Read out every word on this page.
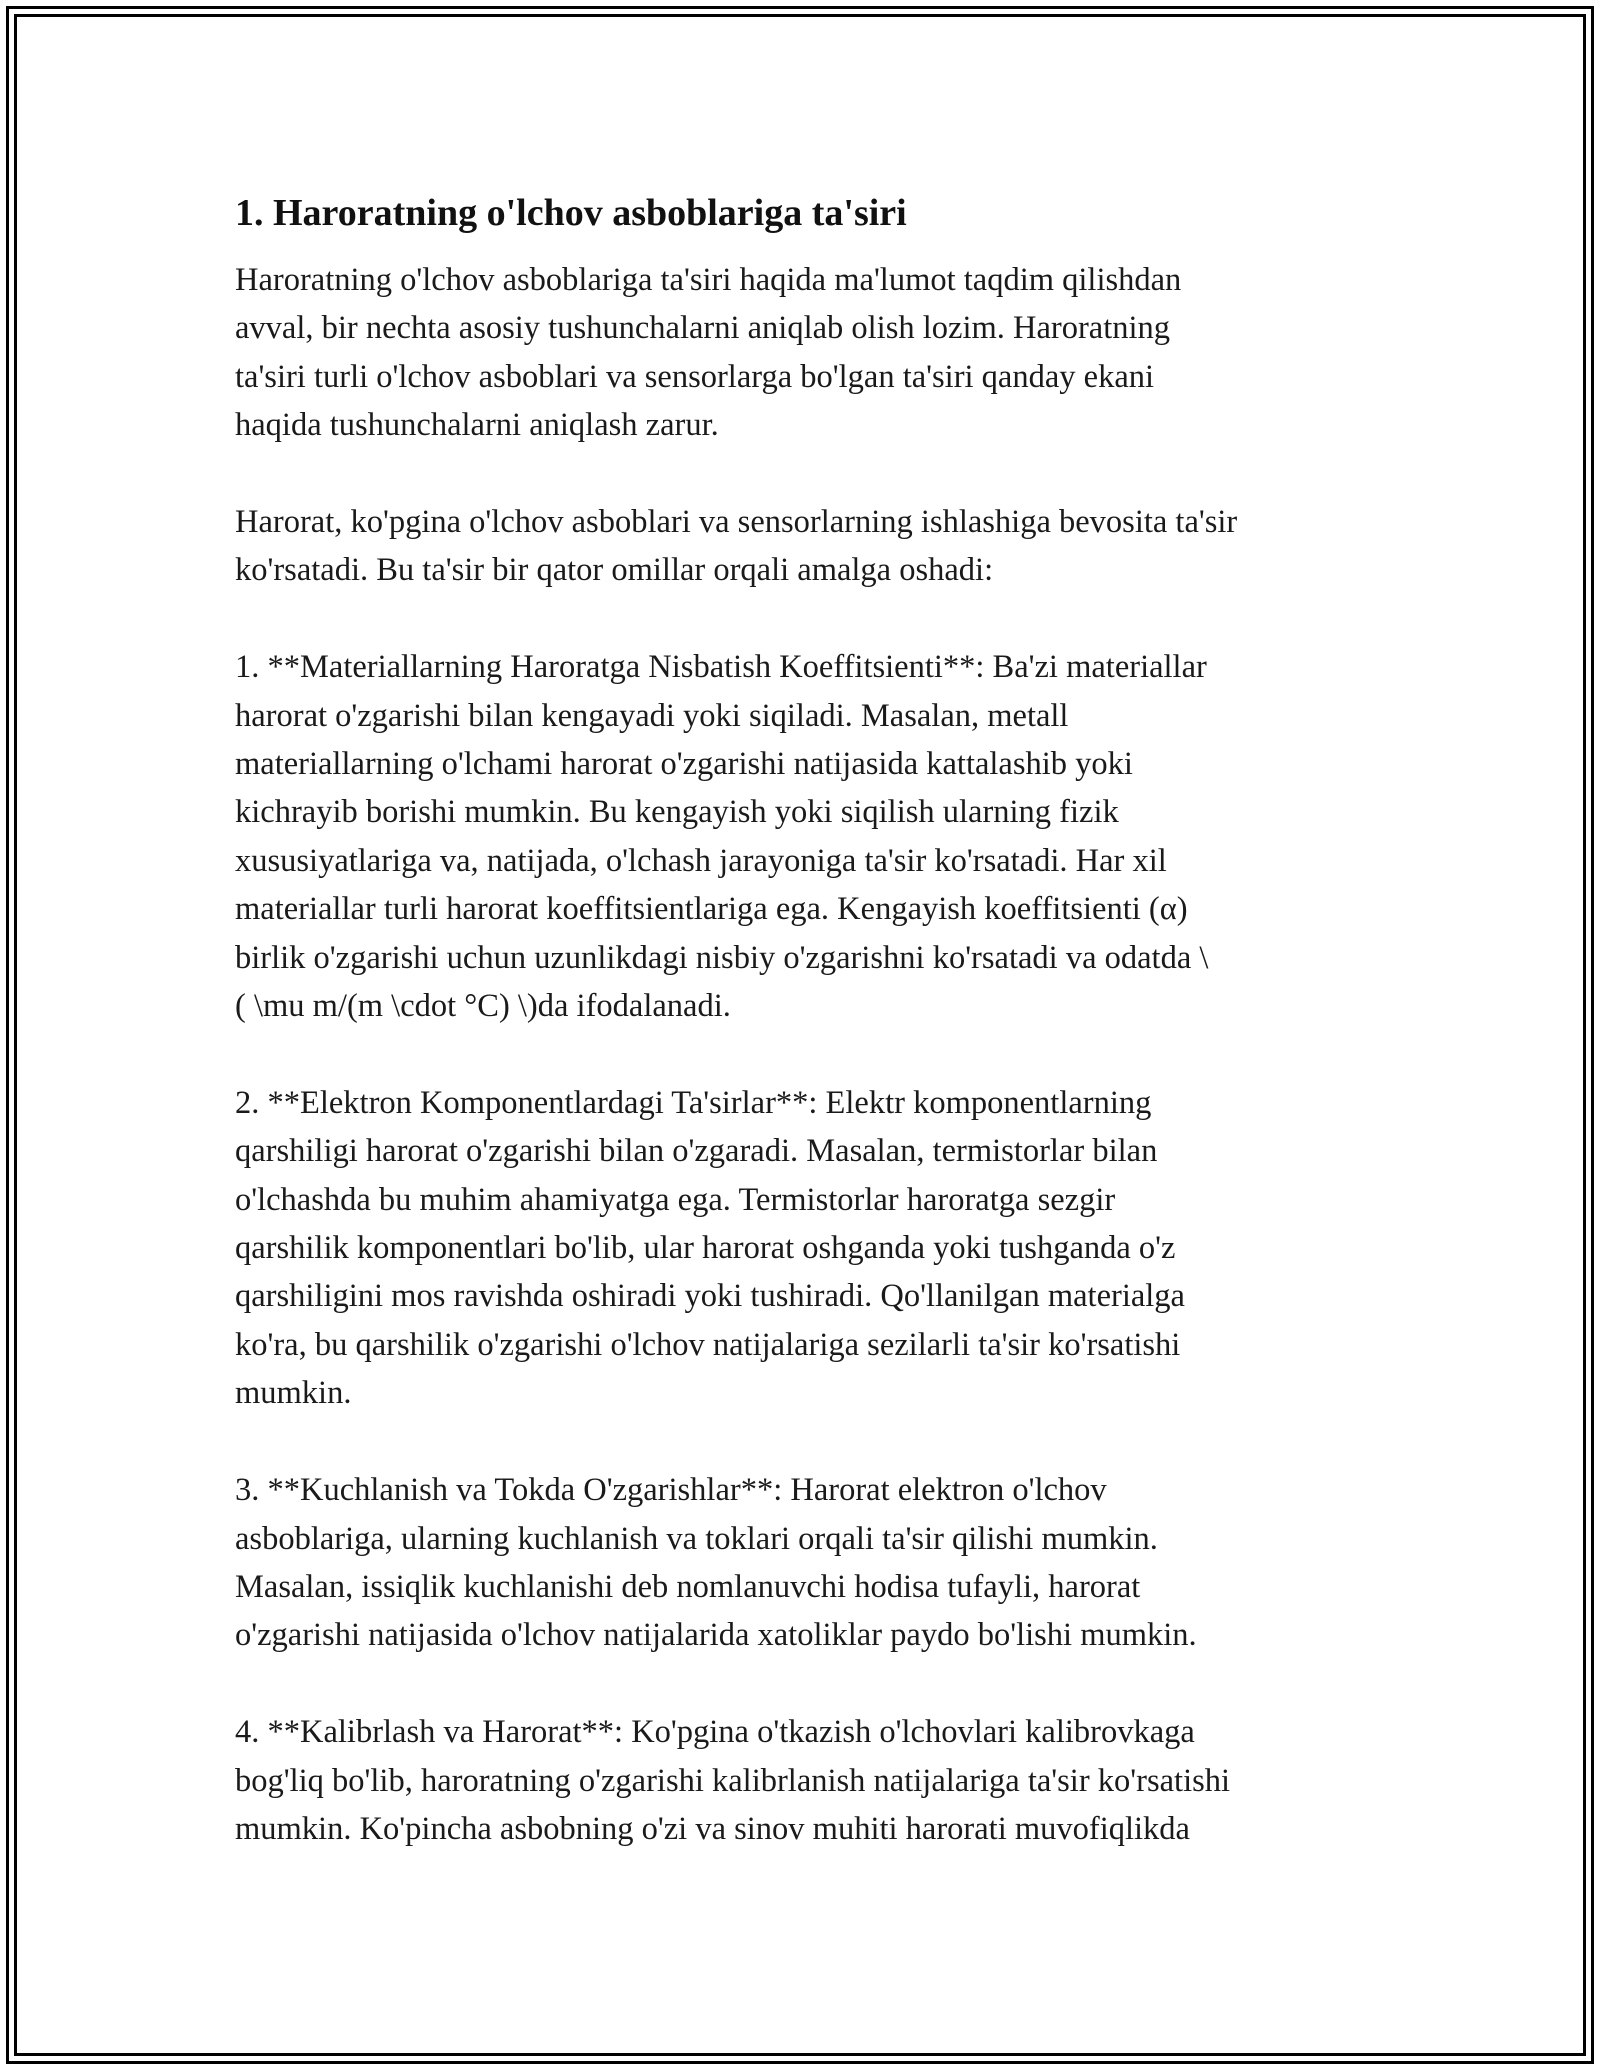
1. Haroratning o'lchov asboblariga ta'siri

Haroratning o'lchov asboblariga ta'siri haqida ma'lumot taqdim qilishdan
avval, bir nechta asosiy tushunchalarni aniqlab olish lozim. Haroratning
ta'siri turli o'lchov asboblari va sensorlarga bo'lgan ta'siri qanday ekani
haqida tushunchalarni aniqlash zarur.

Harorat, ko'pgina o'lchov asboblari va sensorlarning ishlashiga bevosita ta'sir
ko'rsatadi. Bu ta'sir bir qator omillar orqali amalga oshadi:

1. **Materiallarning Haroratga Nisbatish Koeffitsienti**: Ba'zi materiallar
harorat o'zgarishi bilan kengayadi yoki siqiladi. Masalan, metall
materiallarning o'lchami harorat o'zgarishi natijasida kattalashib yoki
kichrayib borishi mumkin. Bu kengayish yoki siqilish ularning fizik
xususiyatlariga va, natijada, o'lchash jarayoniga ta'sir ko'rsatadi. Har xil
materiallar turli harorat koeffitsientlariga ega. Kengayish koeffitsienti (α)
birlik o'zgarishi uchun uzunlikdagi nisbiy o'zgarishni ko'rsatadi va odatda \
( \mu m/(m \cdot °C) \)da ifodalanadi.

2. **Elektron Komponentlardagi Ta'sirlar**: Elektr komponentlarning
qarshiligi harorat o'zgarishi bilan o'zgaradi. Masalan, termistorlar bilan
o'lchashda bu muhim ahamiyatga ega. Termistorlar haroratga sezgir
qarshilik komponentlari bo'lib, ular harorat oshganda yoki tushganda o'z
qarshiligini mos ravishda oshiradi yoki tushiradi. Qo'llanilgan materialga
ko'ra, bu qarshilik o'zgarishi o'lchov natijalariga sezilarli ta'sir ko'rsatishi
mumkin.

3. **Kuchlanish va Tokda O'zgarishlar**: Harorat elektron o'lchov
asboblariga, ularning kuchlanish va toklari orqali ta'sir qilishi mumkin.
Masalan, issiqlik kuchlanishi deb nomlanuvchi hodisa tufayli, harorat
o'zgarishi natijasida o'lchov natijalarida xatoliklar paydo bo'lishi mumkin.

4. **Kalibrlash va Harorat**: Ko'pgina o'tkazish o'lchovlari kalibrovkaga
bog'liq bo'lib, haroratning o'zgarishi kalibrlanish natijalariga ta'sir ko'rsatishi
mumkin. Ko'pincha asbobning o'zi va sinov muhiti harorati muvofiqlikda
